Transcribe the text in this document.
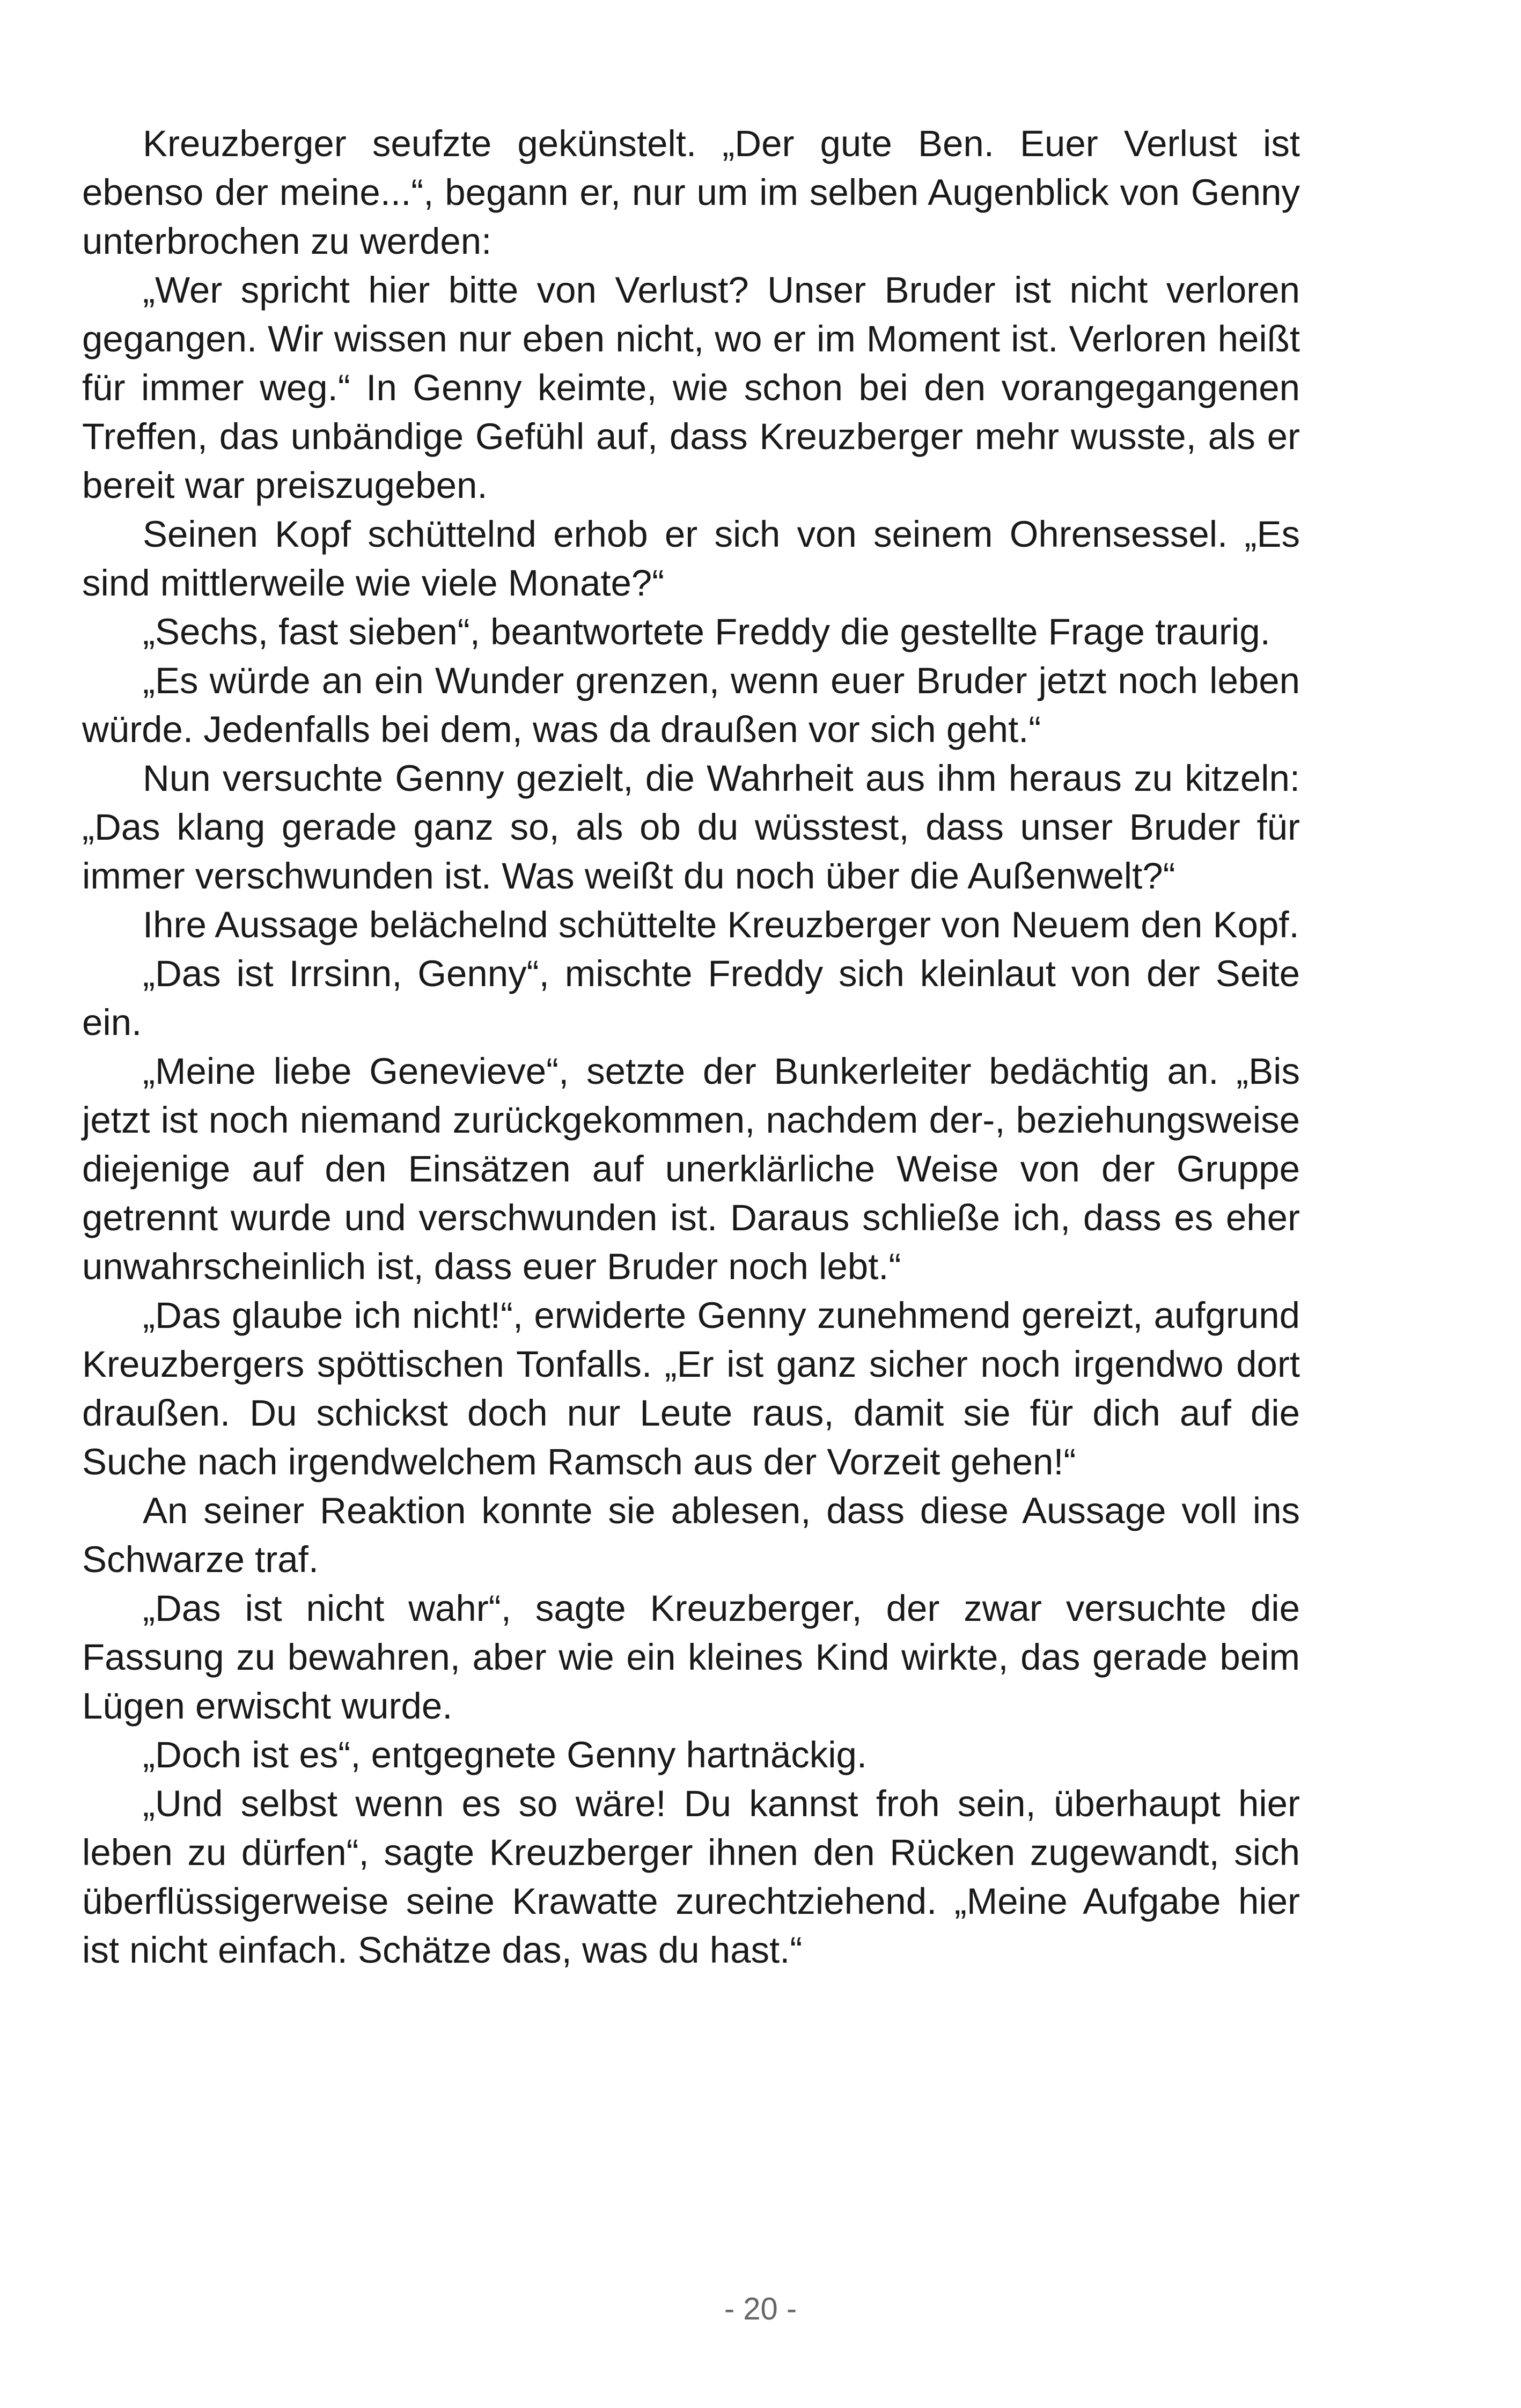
Kreuzberger seufzte gekünstelt. „Der gute Ben. Euer Verlust ist ebenso der meine...“, begann er, nur um im selben Augenblick von Genny unterbrochen zu werden:

„Wer spricht hier bitte von Verlust? Unser Bruder ist nicht verloren gegangen. Wir wissen nur eben nicht, wo er im Moment ist. Verloren heißt für immer weg.“ In Genny keimte, wie schon bei den vorangegangenen Treffen, das unbändige Gefühl auf, dass Kreuzberger mehr wusste, als er bereit war preiszugeben.

Seinen Kopf schüttelnd erhob er sich von seinem Ohrensessel. „Es sind mittlerweile wie viele Monate?“

„Sechs, fast sieben“, beantwortete Freddy die gestellte Frage traurig.

„Es würde an ein Wunder grenzen, wenn euer Bruder jetzt noch leben würde. Jedenfalls bei dem, was da draußen vor sich geht.“

Nun versuchte Genny gezielt, die Wahrheit aus ihm heraus zu kitzeln: „Das klang gerade ganz so, als ob du wüsstest, dass unser Bruder für immer verschwunden ist. Was weißt du noch über die Außenwelt?“

Ihre Aussage belächelnd schüttelte Kreuzberger von Neuem den Kopf.

„Das ist Irrsinn, Genny“, mischte Freddy sich kleinlaut von der Seite ein.

„Meine liebe Genevieve“, setzte der Bunkerleiter bedächtig an. „Bis jetzt ist noch niemand zurückgekommen, nachdem der-, beziehungsweise diejenige auf den Einsätzen auf unerklärliche Weise von der Gruppe getrennt wurde und verschwunden ist. Daraus schließe ich, dass es eher unwahrscheinlich ist, dass euer Bruder noch lebt.“

„Das glaube ich nicht!“, erwiderte Genny zunehmend gereizt, aufgrund Kreuzbergers spöttischen Tonfalls. „Er ist ganz sicher noch irgendwo dort draußen. Du schickst doch nur Leute raus, damit sie für dich auf die Suche nach irgendwelchem Ramsch aus der Vorzeit gehen!“

An seiner Reaktion konnte sie ablesen, dass diese Aussage voll ins Schwarze traf.

„Das ist nicht wahr“, sagte Kreuzberger, der zwar versuchte die Fassung zu bewahren, aber wie ein kleines Kind wirkte, das gerade beim Lügen erwischt wurde.

„Doch ist es“, entgegnete Genny hartnäckig.

„Und selbst wenn es so wäre! Du kannst froh sein, überhaupt hier leben zu dürfen“, sagte Kreuzberger ihnen den Rücken zugewandt, sich überflüssigerweise seine Krawatte zurechtziehend. „Meine Aufgabe hier ist nicht einfach. Schätze das, was du hast.“

- 20 -
